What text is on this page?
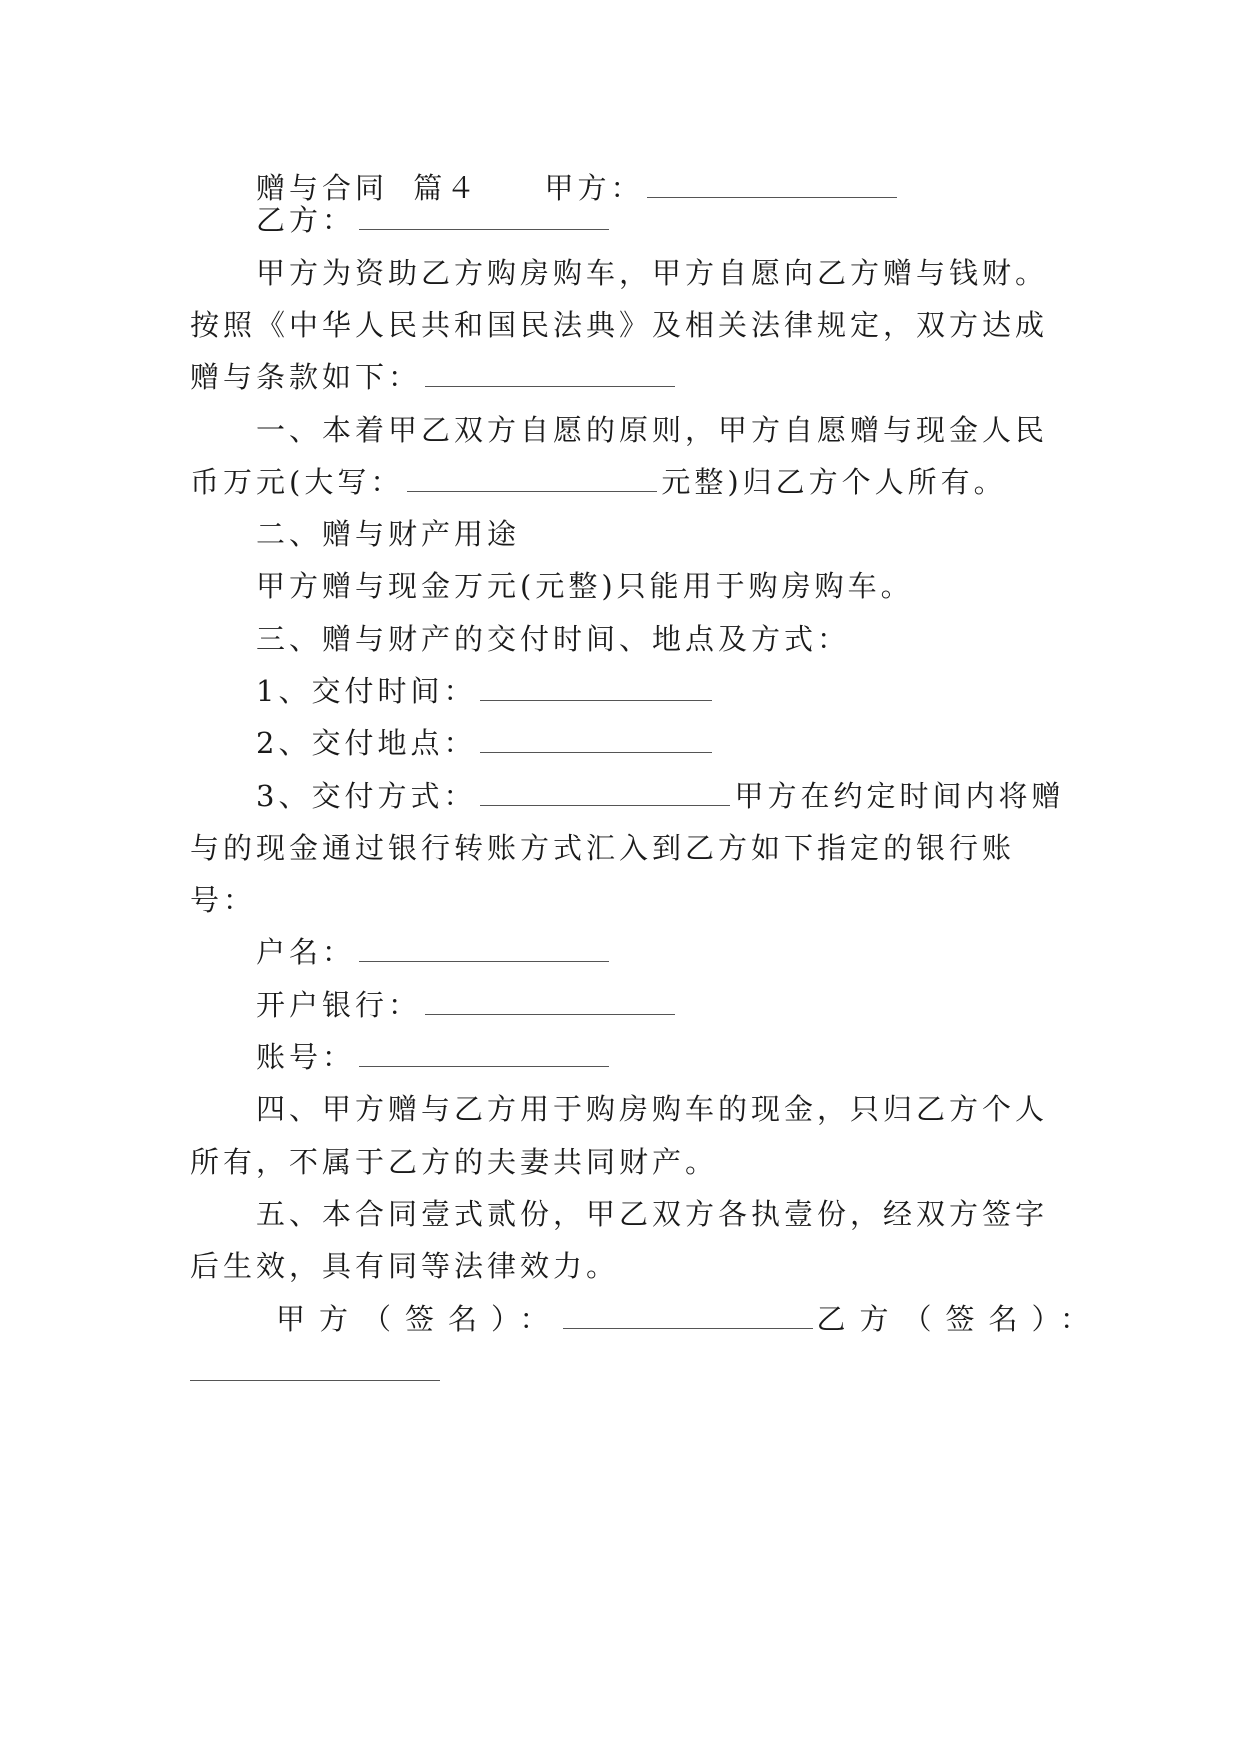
赠与合同 篇４ 甲方：
乙方：
甲方为资助乙方购房购车，甲方自愿向乙方赠与钱财。
按照《中华人民共和国民法典》及相关法律规定，双方达成
赠与条款如下：
一、本着甲乙双方自愿的原则，甲方自愿赠与现金人民
币万元(大写：	元整)归乙方个人所有。
二、赠与财产用途
甲方赠与现金万元(元整)只能用于购房购车。
三、赠与财产的交付时间、地点及方式：
1、交付时间：
2、交付地点：
3、交付方式：	甲方在约定时间内将赠
与的现金通过银行转账方式汇入到乙方如下指定的银行账
号：
户名：
开户银行：
账号：
四、甲方赠与乙方用于购房购车的现金，只归乙方个人
所有，不属于乙方的夫妻共同财产。
五、本合同壹式贰份，甲乙双方各执壹份，经双方签字
后生效，具有同等法律效力。
甲方（签名）：	乙方（签名）：
